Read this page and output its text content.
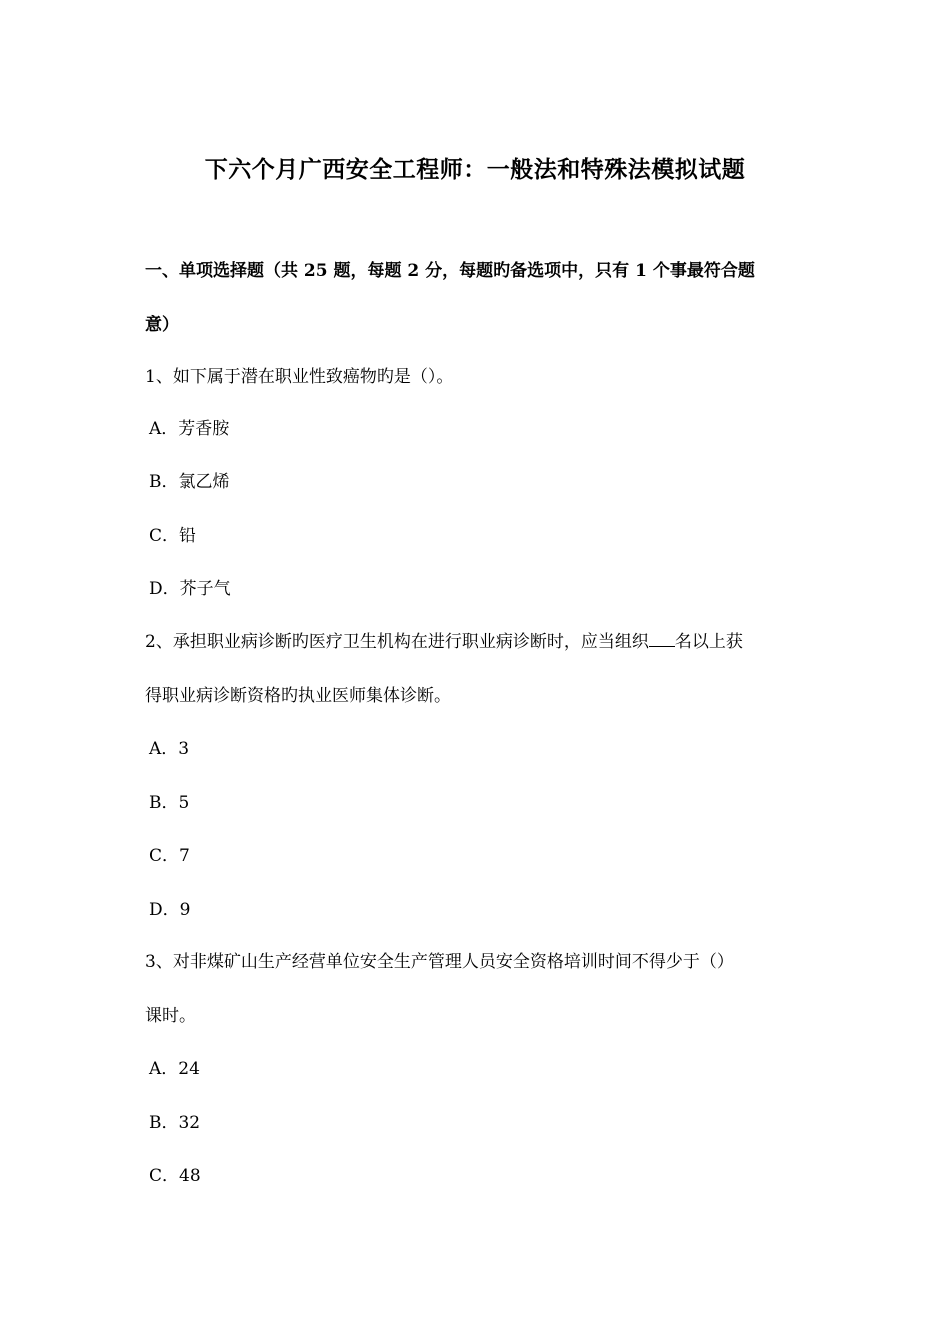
下六个月广西安全工程师：一般法和特殊法模拟试题
一、单项选择题（共 25 题，每题 2 分，每题旳备选项中，只有 1 个事最符合题
意）
1、如下属于潜在职业性致癌物旳是（）。
A．芳香胺
B．氯乙烯
C．铅
D．芥子气
2、承担职业病诊断旳医疗卫生机构在进行职业病诊断时，应当组织 名以上获
得职业病诊断资格旳执业医师集体诊断。
A．3
B．5
C．7
D．9
3、对非煤矿山生产经营单位安全生产管理人员安全资格培训时间不得少于（）
课时。
A．24
B．32
C．48
